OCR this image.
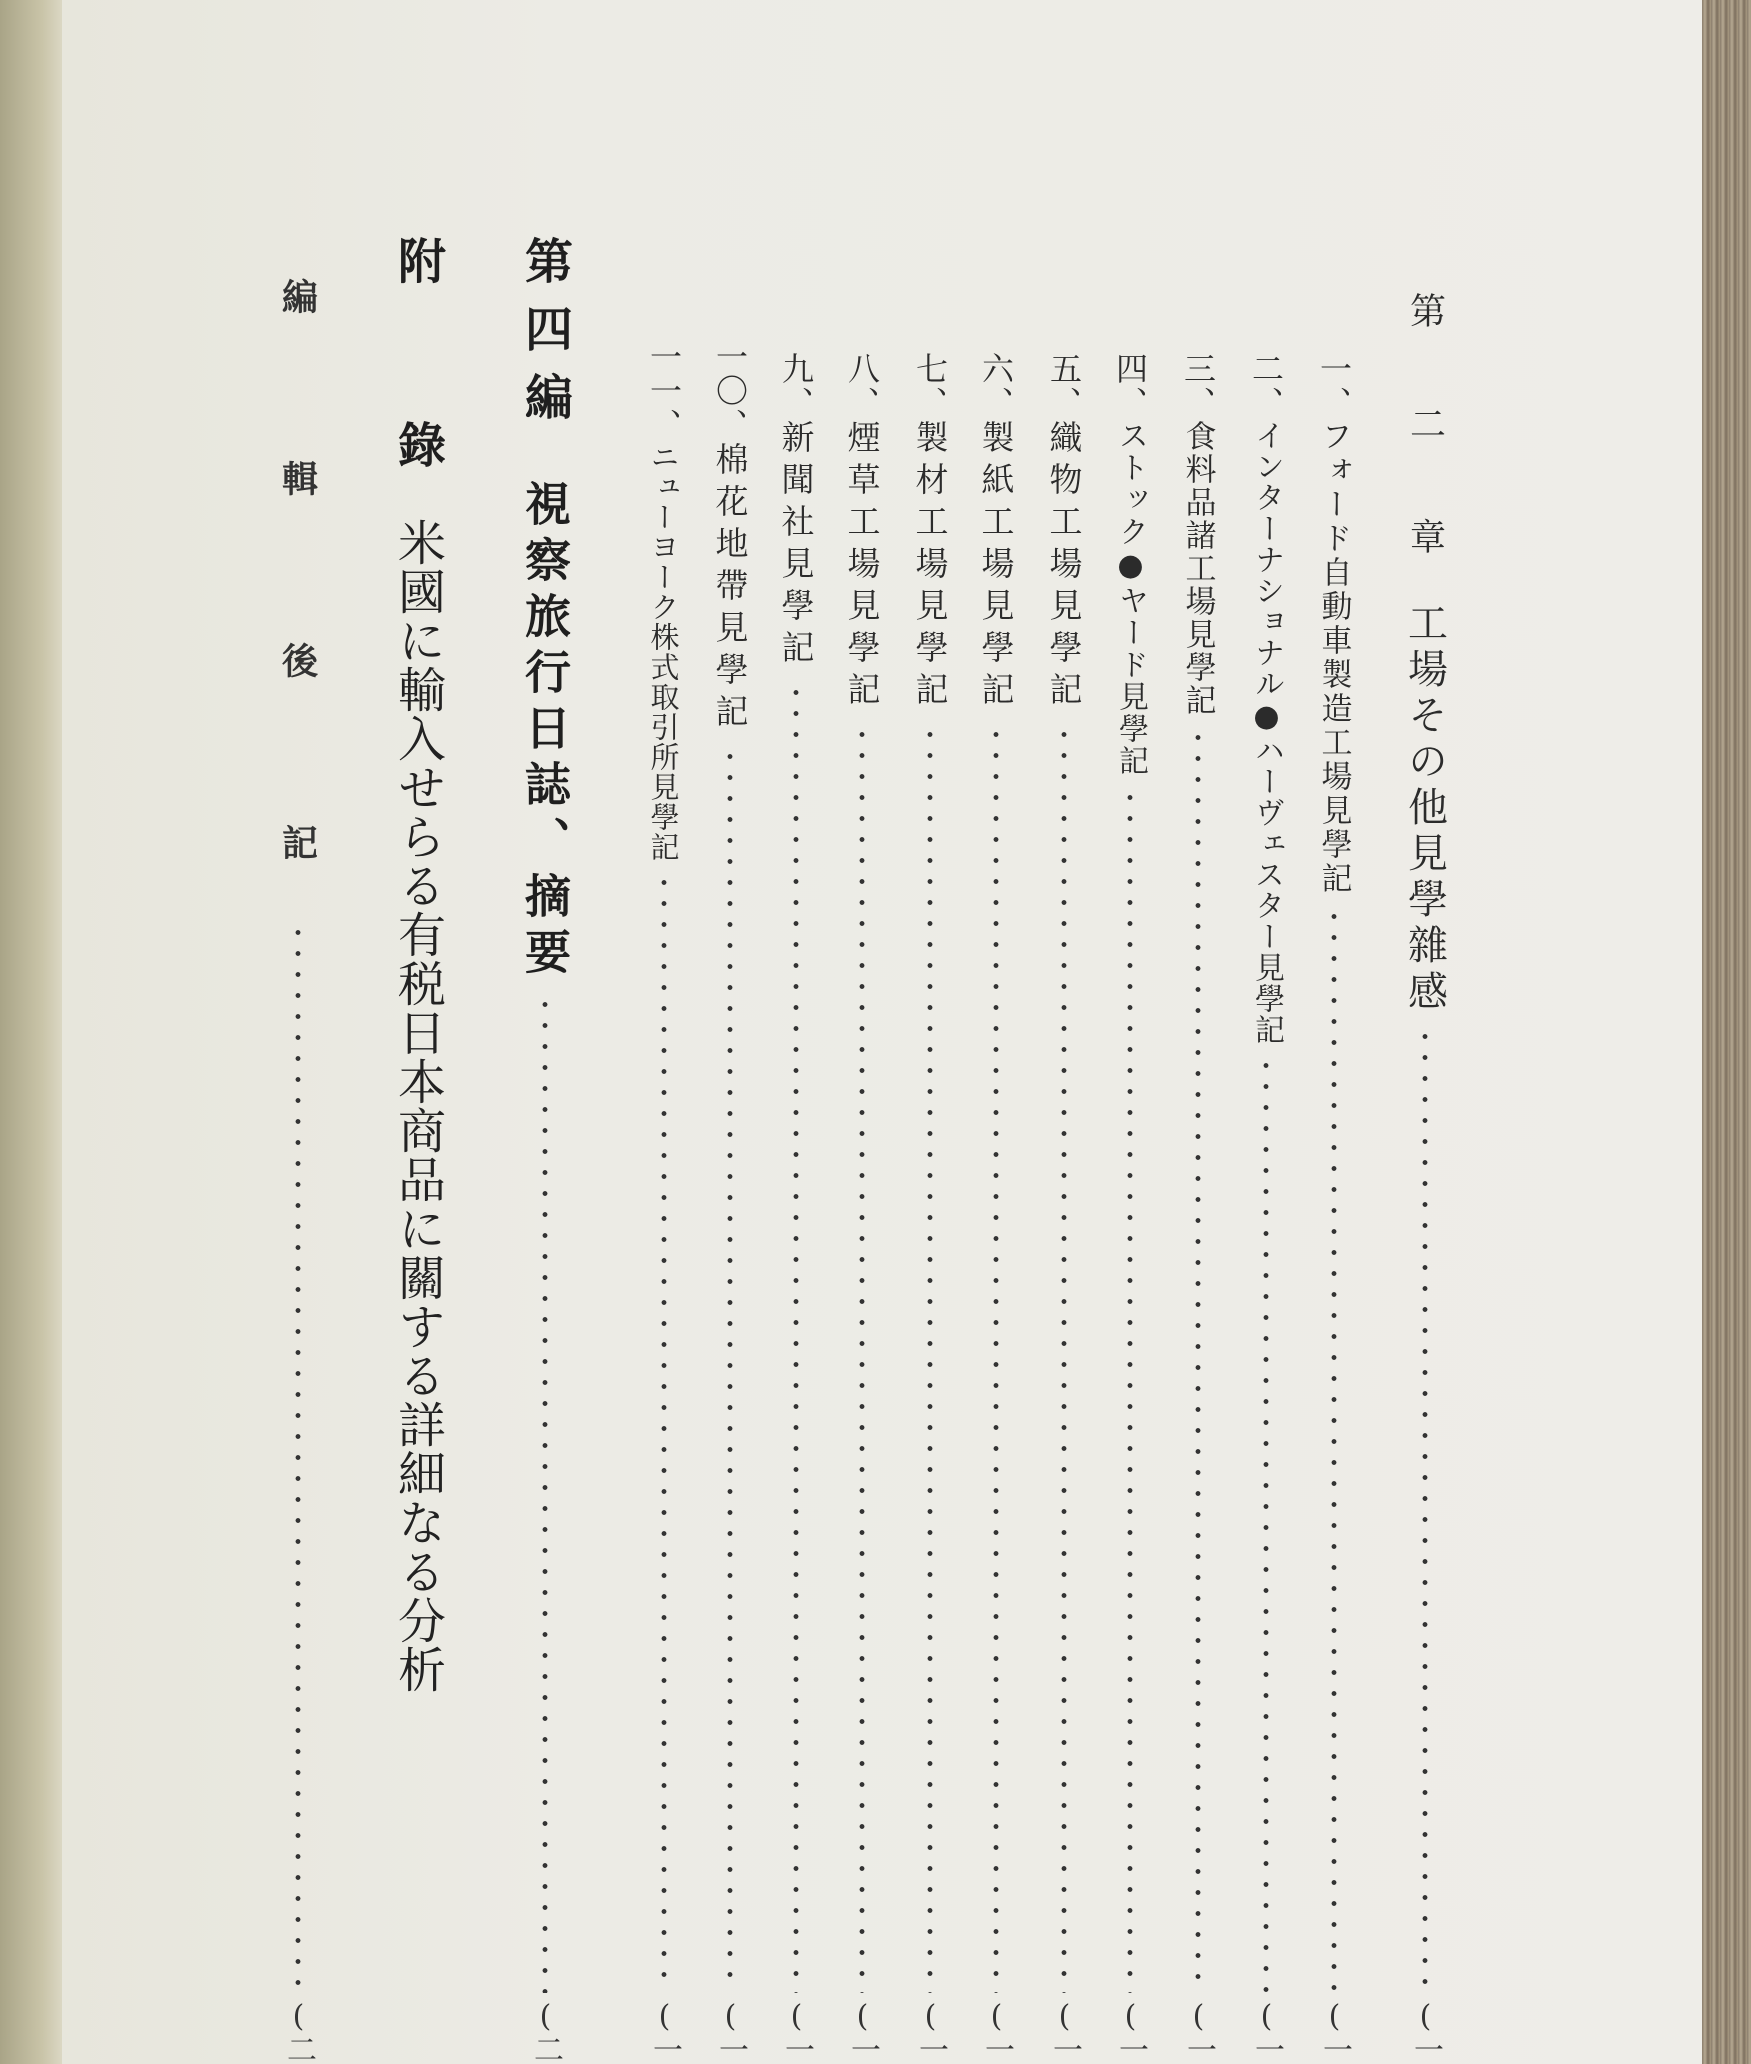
第 二 章
工場その他見學雜感
(一
一、
フォード自動車製造工場見學記
(一
二、
インターナショナル●ハーヴェスター見學記
(一
三、
食料品諸工場見學記
(一
四、
ストック●ヤード見學記
(一
五、
織物工場見學記
(一
六、
製紙工場見學記
(一
七、
製材工場見學記
(一
八、
煙草工場見學記
(一
九、
新聞社見學記
(一
一〇、
棉花地帶見學記
(一
一一、
ニューヨーク株式取引所見學記
(一
第四編
視察旅行日誌、摘要
(二
附 錄
米國に輸入せらる有税日本商品に關する詳細なる分析
編 輯 後 記
(二
